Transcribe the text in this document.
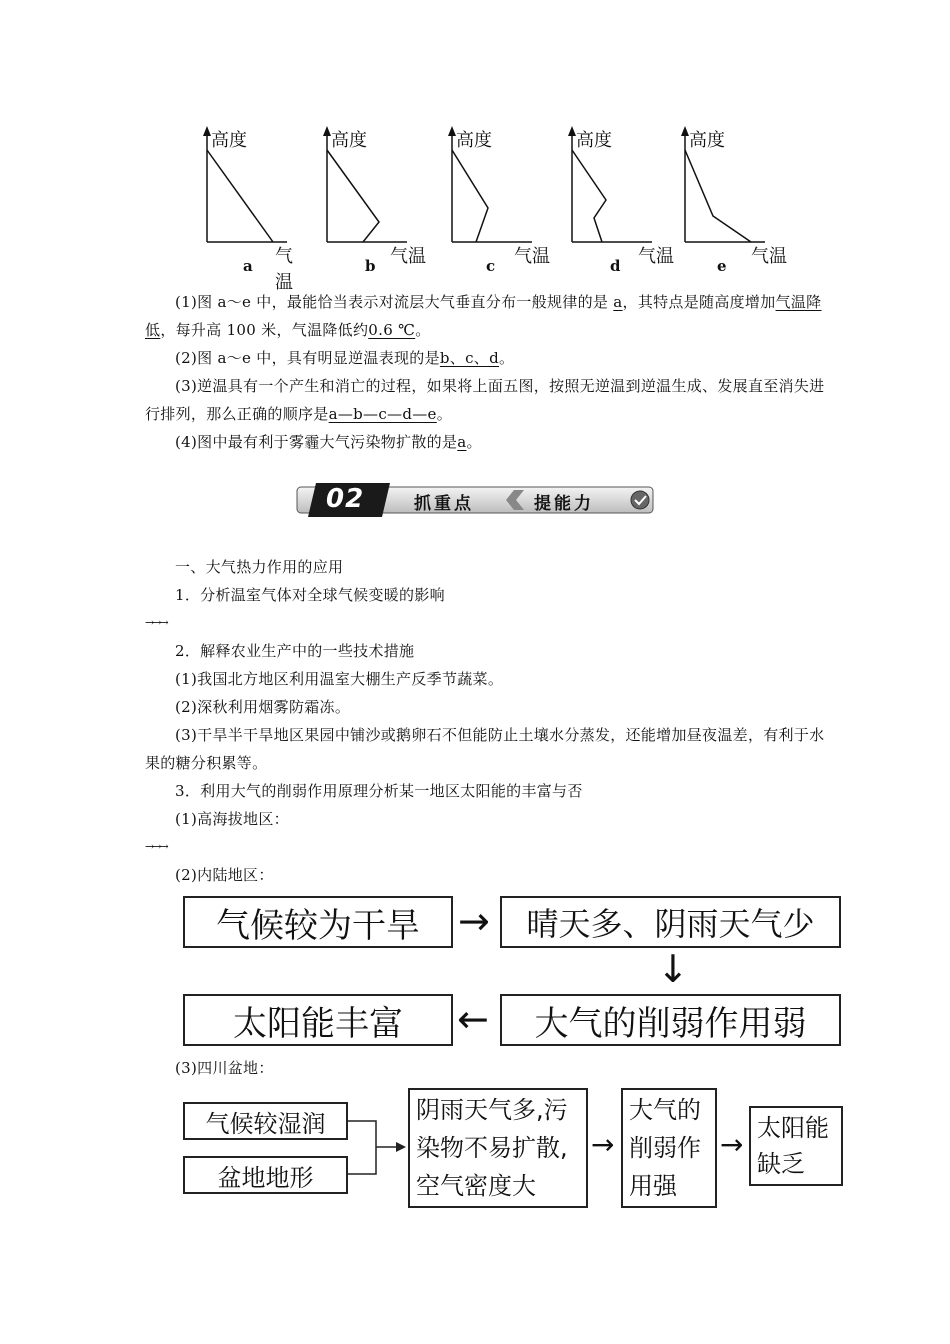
高度
气温
a
高度
气温
b
高度
气温
c
高度
气温
d
高度
气温
e
(1)图 a～e 中，最能恰当表示对流层大气垂直分布一般规律的是 a，其特点是随高度增加气温降低，每升高 100 米，气温降低约0.6 ℃。
(2)图 a～e 中，具有明显逆温表现的是b、c、d。
(3)逆温具有一个产生和消亡的过程，如果将上面五图，按照无逆温到逆温生成、发展直至消失进行排列，那么正确的顺序是a—b—c—d—e。
(4)图中最有利于雾霾大气污染物扩散的是a。
02	抓重点	提能力
一、大气热力作用的应用
1．分析温室气体对全球气候变暖的影响
→→→
2．解释农业生产中的一些技术措施
(1)我国北方地区利用温室大棚生产反季节蔬菜。
(2)深秋利用烟雾防霜冻。
(3)干旱半干旱地区果园中铺沙或鹅卵石不但能防止土壤水分蒸发，还能增加昼夜温差，有利于水果的糖分积累等。
3．利用大气的削弱作用原理分析某一地区太阳能的丰富与否
(1)高海拔地区：
→→→
(2)内陆地区：
气候较为干旱	→	晴天多、阴雨天气少
↓
太阳能丰富	←	大气的削弱作用弱
(3)四川盆地：
气候较湿润
盆地地形
阴雨天气多,污染物不易扩散,空气密度大
→
大气的削弱作用强
→ 太阳能缺乏
